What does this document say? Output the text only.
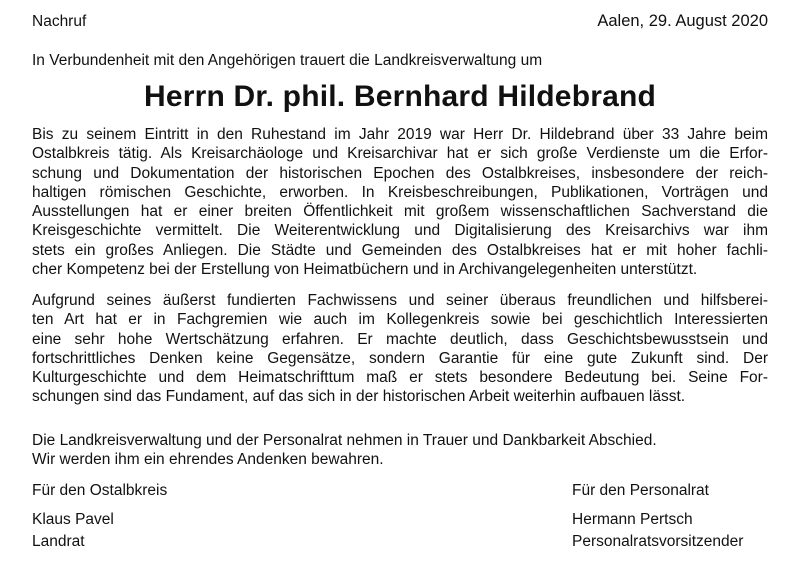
Nachruf	Aalen, 29. August 2020
In Verbundenheit mit den Angehörigen trauert die Landkreisverwaltung um
Herrn Dr. phil. Bernhard Hildebrand
Bis zu seinem Eintritt in den Ruhestand im Jahr 2019 war Herr Dr. Hildebrand über 33 Jahre beim
Ostalbkreis tätig. Als Kreisarchäologe und Kreisarchivar hat er sich große Verdienste um die Erfor-
schung und Dokumentation der historischen Epochen des Ostalbkreises, insbesondere der reich-
haltigen römischen Geschichte, erworben. In Kreisbeschreibungen, Publikationen, Vorträgen und
Ausstellungen hat er einer breiten Öffentlichkeit mit großem wissenschaftlichen Sachverstand die
Kreisgeschichte vermittelt. Die Weiterentwicklung und Digitalisierung des Kreisarchivs war ihm
stets ein großes Anliegen. Die Städte und Gemeinden des Ostalbkreises hat er mit hoher fachli-
cher Kompetenz bei der Erstellung von Heimatbüchern und in Archivangelegenheiten unterstützt.
Aufgrund seines äußerst fundierten Fachwissens und seiner überaus freundlichen und hilfsberei-
ten Art hat er in Fachgremien wie auch im Kollegenkreis sowie bei geschichtlich Interessierten
eine sehr hohe Wertschätzung erfahren. Er machte deutlich, dass Geschichtsbewusstsein und
fortschrittliches Denken keine Gegensätze, sondern Garantie für eine gute Zukunft sind. Der
Kulturgeschichte und dem Heimatschrifttum maß er stets besondere Bedeutung bei. Seine For-
schungen sind das Fundament, auf das sich in der historischen Arbeit weiterhin aufbauen lässt.
Die Landkreisverwaltung und der Personalrat nehmen in Trauer und Dankbarkeit Abschied.
Wir werden ihm ein ehrendes Andenken bewahren.
Für den Ostalbkreis
Klaus Pavel
Landrat
Für den Personalrat
Hermann Pertsch
Personalratsvorsitzender
